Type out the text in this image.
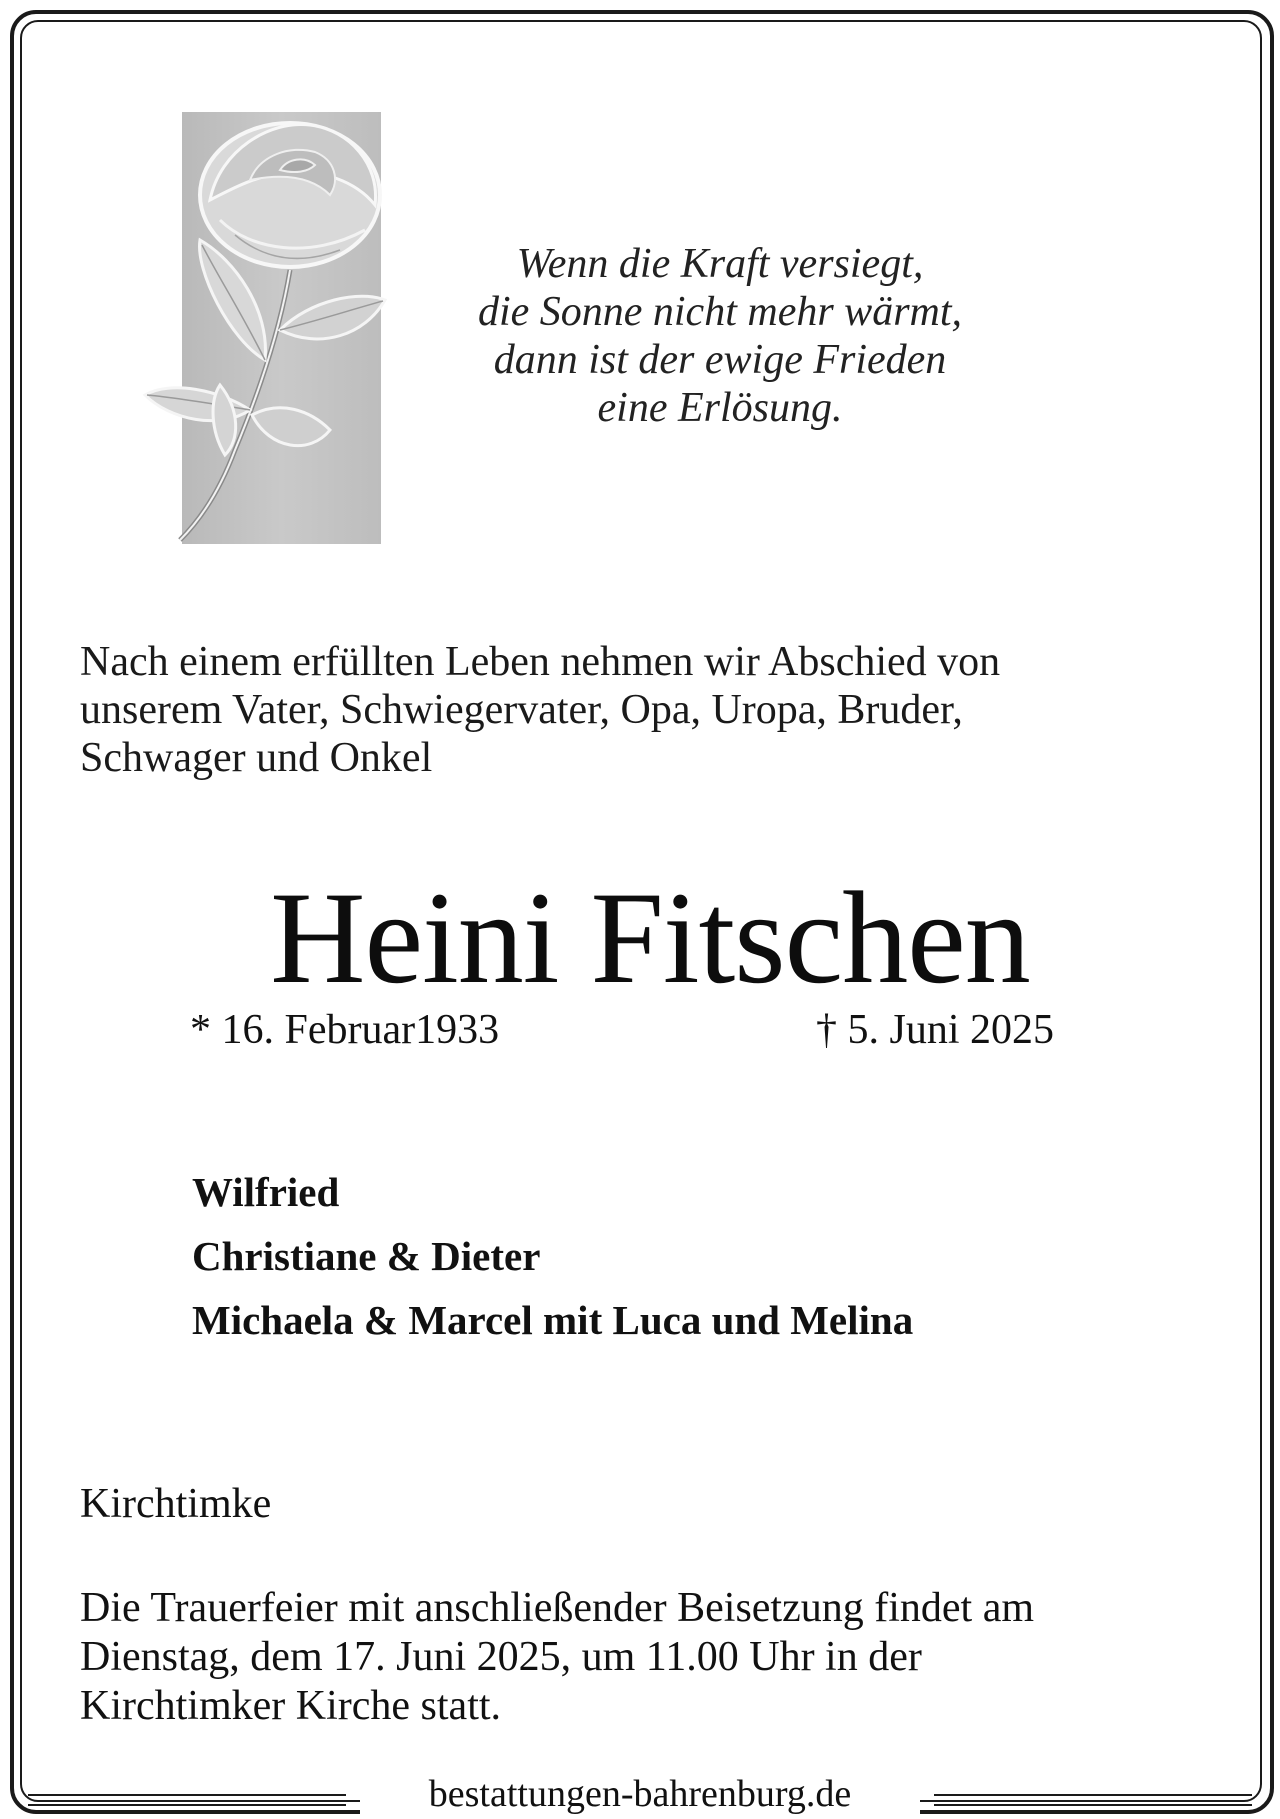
Wenn die Kraft versiegt,
die Sonne nicht mehr wärmt,
dann ist der ewige Frieden
eine Erlösung.
Nach einem erfüllten Leben nehmen wir Abschied von
unserem Vater, Schwiegervater, Opa, Uropa, Bruder,
Schwager und Onkel
Heini Fitschen
* 16. Februar1933	† 5. Juni 2025
Wilfried
Christiane & Dieter
Michaela & Marcel mit Luca und Melina
Kirchtimke
Die Trauerfeier mit anschließender Beisetzung findet am
Dienstag, dem 17. Juni 2025, um 11.00 Uhr in der
Kirchtimker Kirche statt.
bestattungen-bahrenburg.de
